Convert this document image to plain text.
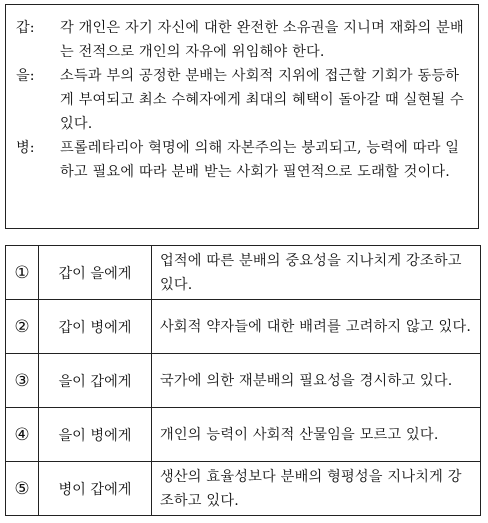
갑:	각 개인은 자기 자신에 대한 완전한 소유권을 지니며 재화의 분배는 전적으로 개인의 자유에 위임해야 한다.
을:	소득과 부의 공정한 분배는 사회적 지위에 접근할 기회가 동등하게 부여되고 최소 수혜자에게 최대의 혜택이 돌아갈 때 실현될 수 있다.
병:	프롤레타리아 혁명에 의해 자본주의는 붕괴되고, 능력에 따라 일하고 필요에 따라 분배 받는 사회가 필연적으로 도래할 것이다.
①	갑이 을에게	업적에 따른 분배의 중요성을 지나치게 강조하고 있다.
②	갑이 병에게	사회적 약자들에 대한 배려를 고려하지 않고 있다.
③	을이 갑에게	국가에 의한 재분배의 필요성을 경시하고 있다.
④	을이 병에게	개인의 능력이 사회적 산물임을 모르고 있다.
⑤	병이 갑에게	생산의 효율성보다 분배의 형평성을 지나치게 강조하고 있다.
